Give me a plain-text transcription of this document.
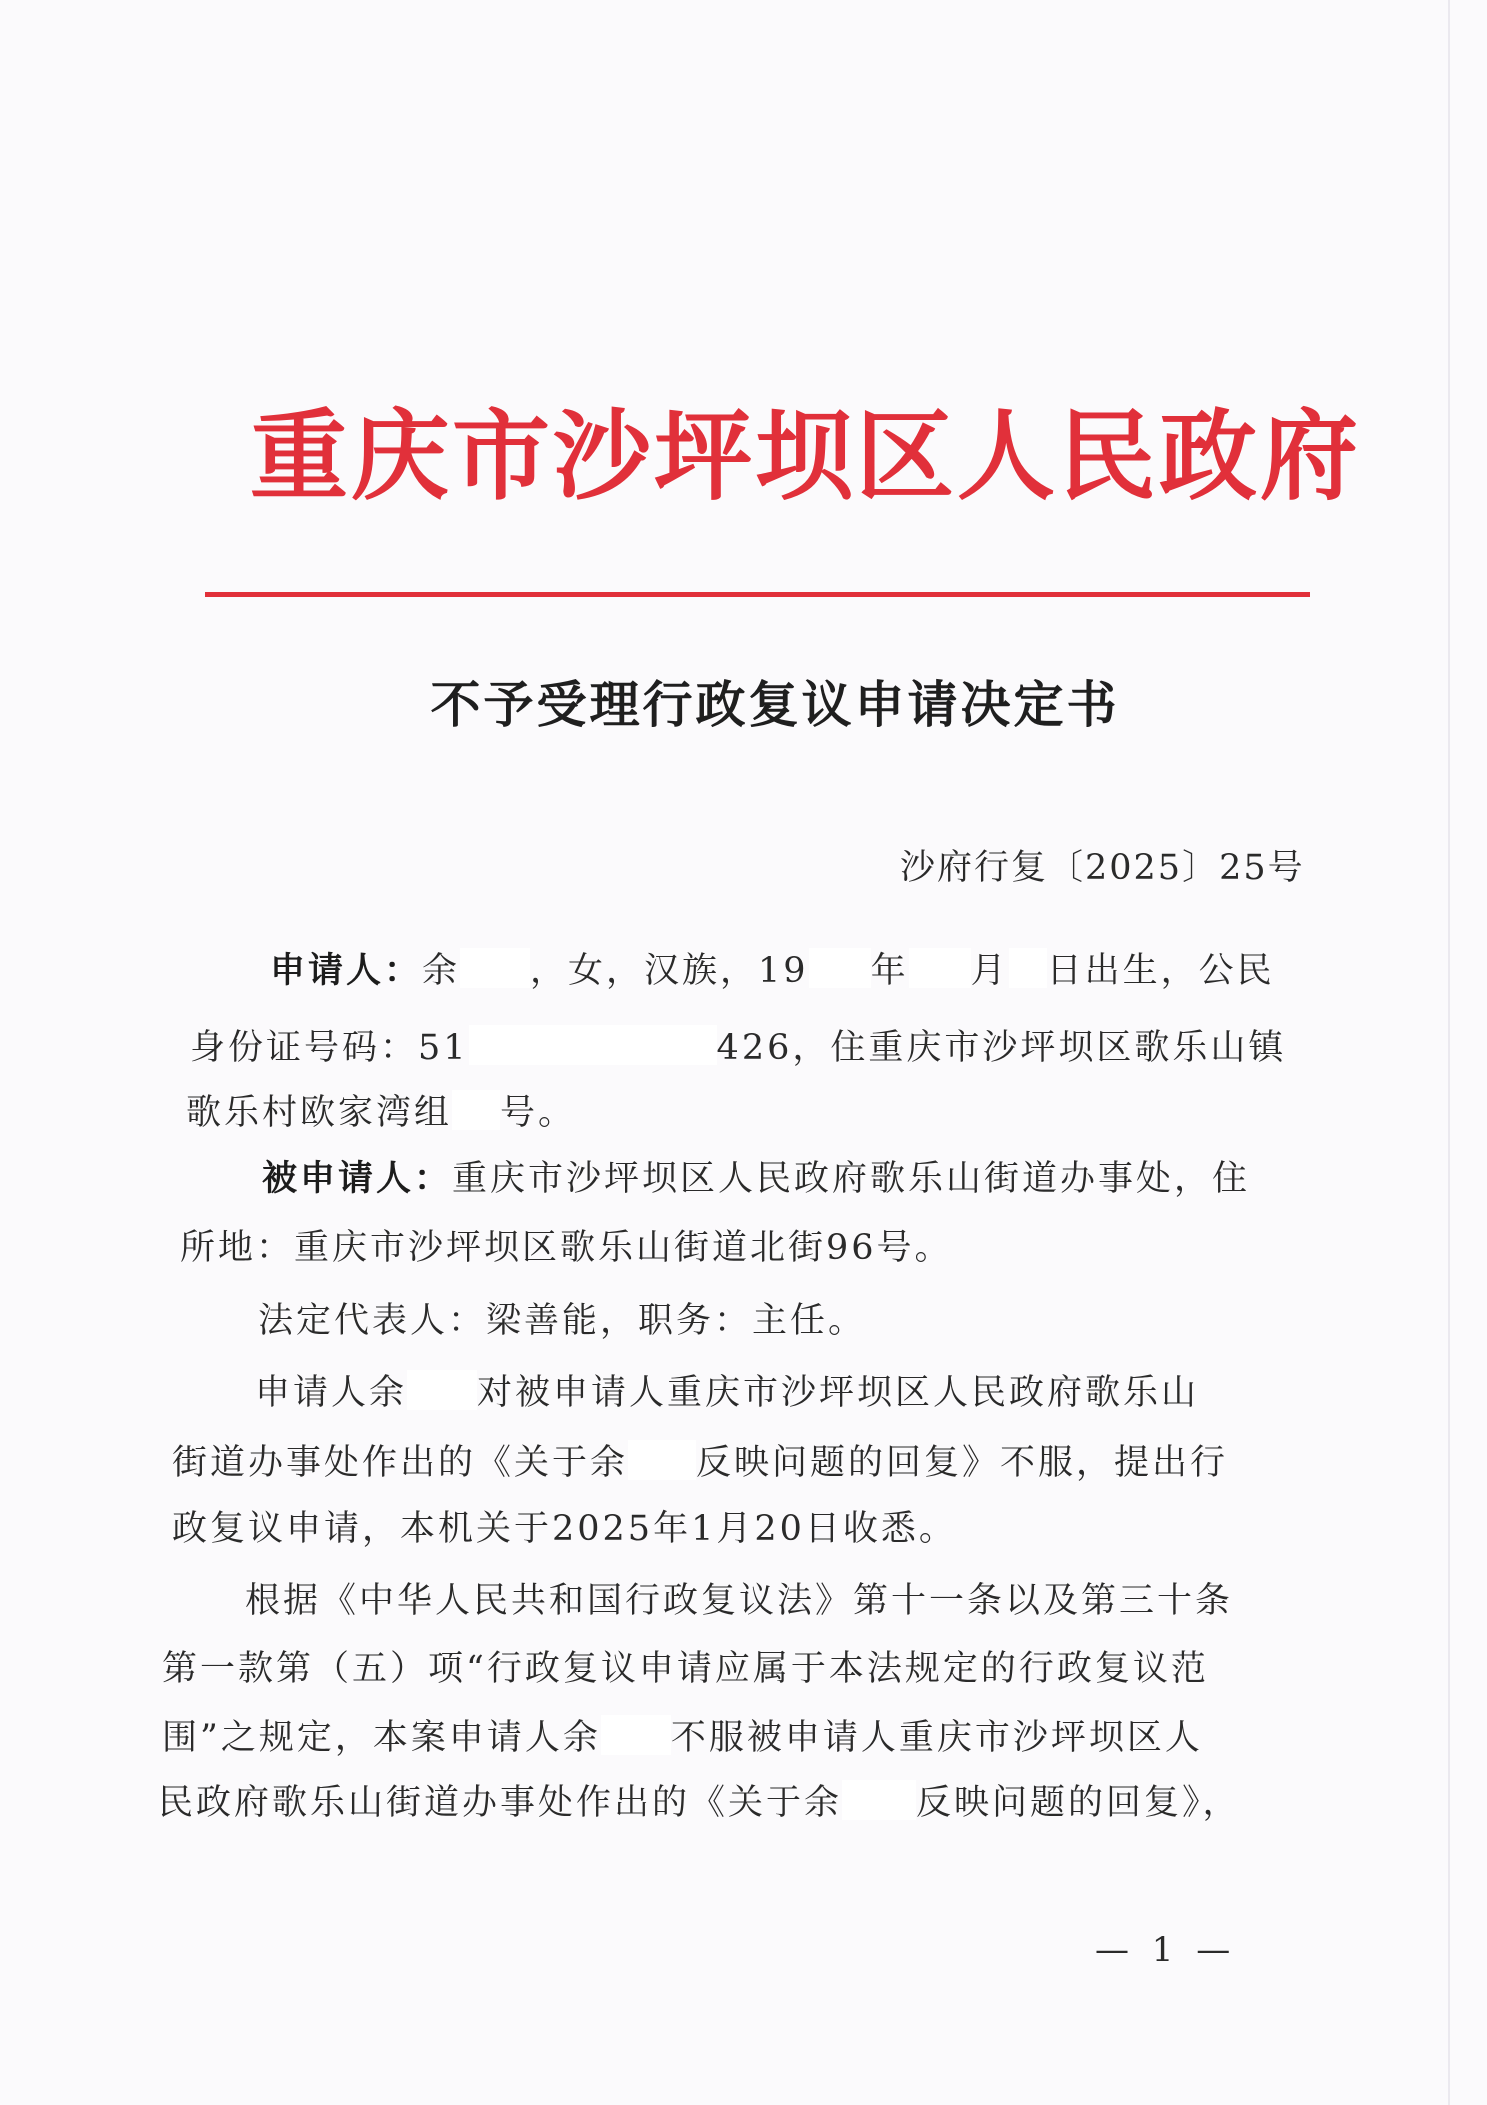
重庆市沙坪坝区人民政府
不予受理行政复议申请决定书
沙府行复〔2025〕25号
申请人：余 ，女，汉族，19 年 月 日出生，公民
身份证号码：51	426，住重庆市沙坪坝区歌乐山镇
歌乐村欧家湾组 号。
被申请人：重庆市沙坪坝区人民政府歌乐山街道办事处，住
所地：重庆市沙坪坝区歌乐山街道北街96号。
法定代表人：梁善能，职务：主任。
申请人余 对被申请人重庆市沙坪坝区人民政府歌乐山
街道办事处作出的《关于余 反映问题的回复》不服，提出行
政复议申请，本机关于2025年1月20日收悉。
根据《中华人民共和国行政复议法》第十一条以及第三十条
第一款第（五）项“行政复议申请应属于本法规定的行政复议范
围”之规定，本案申请人余 不服被申请人重庆市沙坪坝区人
民政府歌乐山街道办事处作出的《关于余 反映问题的回复》，
— 1 —
